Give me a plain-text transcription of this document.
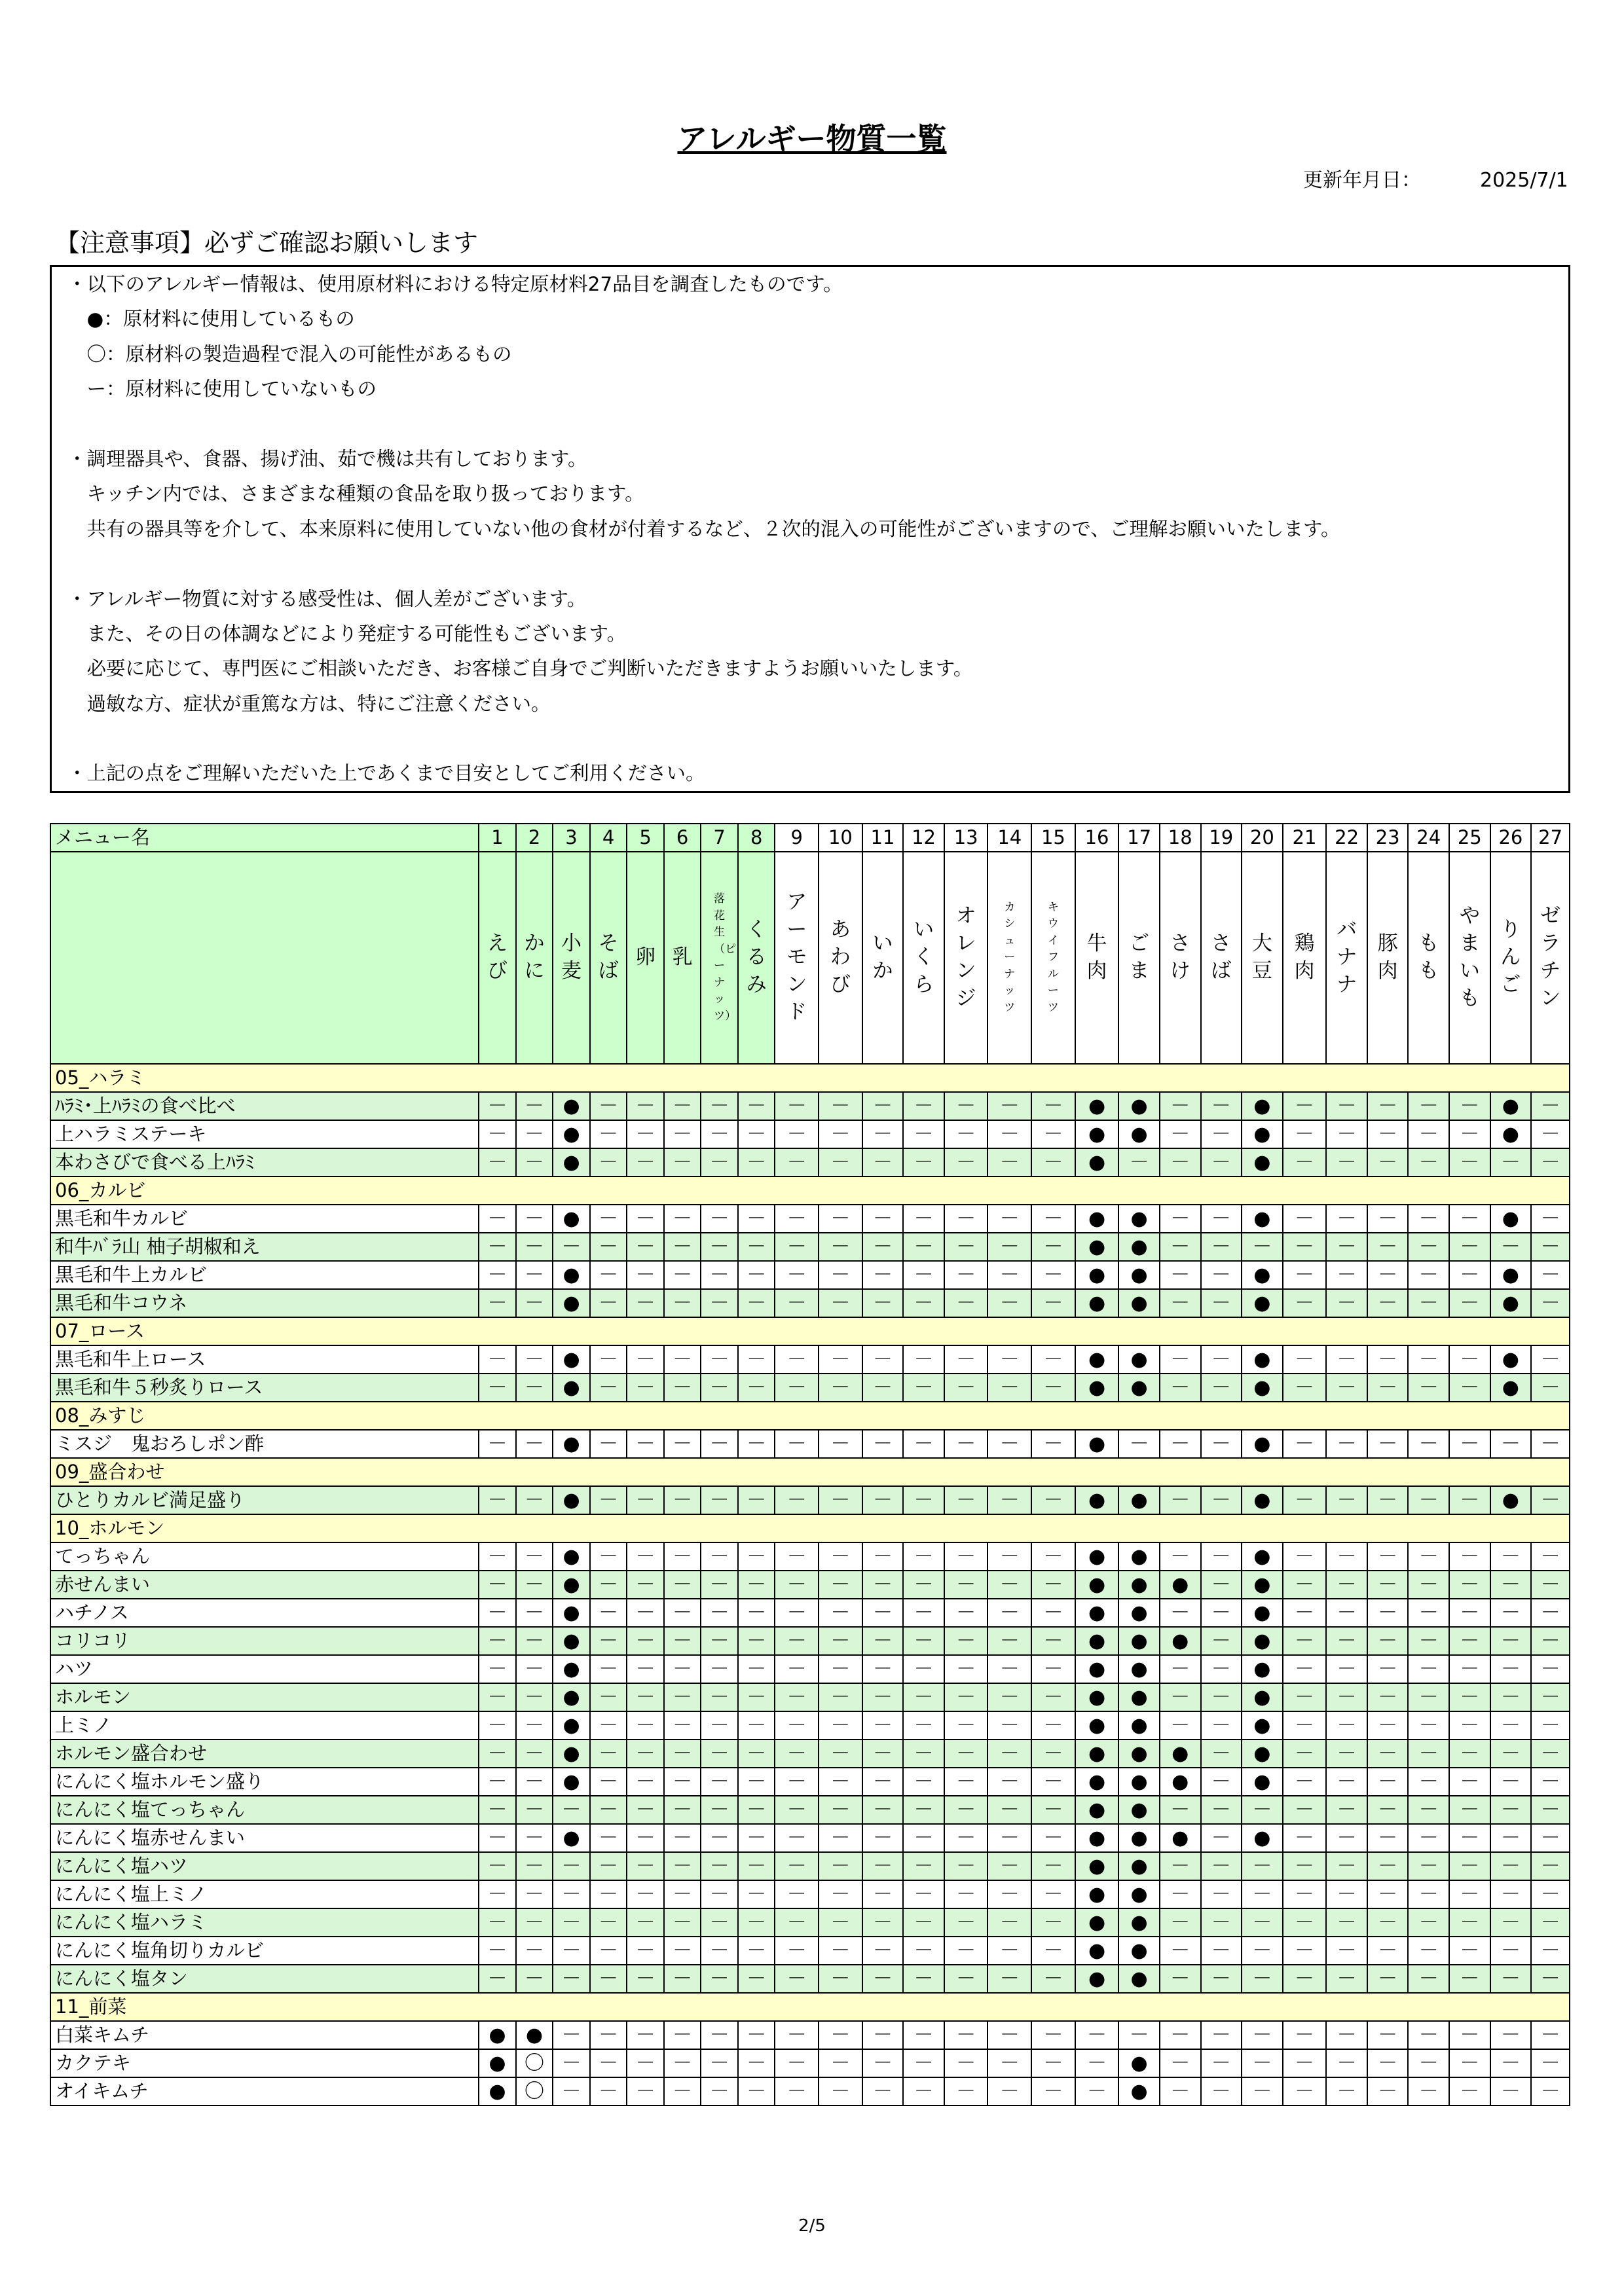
アレルギー物質一覧
更新年月日：	2025/7/1
【注意事項】必ずご確認お願いします
・以下のアレルギー情報は、使用原材料における特定原材料27品目を調査したものです。
　●：原材料に使用しているもの
　〇：原材料の製造過程で混入の可能性があるもの
　ー：原材料に使用していないもの
・調理器具や、食器、揚げ油、茹で機は共有しております。
　キッチン内では、さまざまな種類の食品を取り扱っております。
　共有の器具等を介して、本来原料に使用していない他の食材が付着するなど、２次的混入の可能性がございますので、ご理解お願いいたします。
・アレルギー物質に対する感受性は、個人差がございます。
　また、その日の体調などにより発症する可能性もございます。
　必要に応じて、専門医にご相談いただき、お客様ご自身でご判断いただきますようお願いいたします。
　過敏な方、症状が重篤な方は、特にご注意ください。
・上記の点をご理解いただいた上であくまで目安としてご利用ください。
メニュー名	1	2	3	4	5	6	7	8	9	10	11	12	13	14	15	16	17	18	19	20	21	22	23	24	25	26	27
	えび	かに	小麦	そば	卵	乳	落花生（ピーナッツ）	くるみ	アーモンド	あわび	いか	いくら	オレンジ	カシューナッツ	キウイフルーツ	牛肉	ごま	さけ	さば	大豆	鶏肉	バナナ	豚肉	もも	やまいも	りんご	ゼラチン
05_ハラミ																											
ﾊﾗﾐ･上ﾊﾗﾐの食べ比べ	－	－	●	－	－	－	－	－	－	－	－	－	－	－	－	●	●	－	－	●	－	－	－	－	－	●	－
上ハラミステーキ	－	－	●	－	－	－	－	－	－	－	－	－	－	－	－	●	●	－	－	●	－	－	－	－	－	●	－
本わさびで食べる上ﾊﾗﾐ	－	－	●	－	－	－	－	－	－	－	－	－	－	－	－	●	－	－	－	●	－	－	－	－	－	－	－
06_カルビ																											
黒毛和牛カルビ	－	－	●	－	－	－	－	－	－	－	－	－	－	－	－	●	●	－	－	●	－	－	－	－	－	●	－
和牛ﾊﾞﾗ山 柚子胡椒和え	－	－	－	－	－	－	－	－	－	－	－	－	－	－	－	●	●	－	－	－	－	－	－	－	－	－	－
黒毛和牛上カルビ	－	－	●	－	－	－	－	－	－	－	－	－	－	－	－	●	●	－	－	●	－	－	－	－	－	●	－
黒毛和牛コウネ	－	－	●	－	－	－	－	－	－	－	－	－	－	－	－	●	●	－	－	●	－	－	－	－	－	●	－
07_ロース																											
黒毛和牛上ロース	－	－	●	－	－	－	－	－	－	－	－	－	－	－	－	●	●	－	－	●	－	－	－	－	－	●	－
黒毛和牛５秒炙りロース	－	－	●	－	－	－	－	－	－	－	－	－	－	－	－	●	●	－	－	●	－	－	－	－	－	●	－
08_みすじ																											
ミスジ　鬼おろしポン酢	－	－	●	－	－	－	－	－	－	－	－	－	－	－	－	●	－	－	－	●	－	－	－	－	－	－	－
09_盛合わせ																											
ひとりカルビ満足盛り	－	－	●	－	－	－	－	－	－	－	－	－	－	－	－	●	●	－	－	●	－	－	－	－	－	●	－
10_ホルモン																											
てっちゃん	－	－	●	－	－	－	－	－	－	－	－	－	－	－	－	●	●	－	－	●	－	－	－	－	－	－	－
赤せんまい	－	－	●	－	－	－	－	－	－	－	－	－	－	－	－	●	●	●	－	●	－	－	－	－	－	－	－
ハチノス	－	－	●	－	－	－	－	－	－	－	－	－	－	－	－	●	●	－	－	●	－	－	－	－	－	－	－
コリコリ	－	－	●	－	－	－	－	－	－	－	－	－	－	－	－	●	●	●	－	●	－	－	－	－	－	－	－
ハツ	－	－	●	－	－	－	－	－	－	－	－	－	－	－	－	●	●	－	－	●	－	－	－	－	－	－	－
ホルモン	－	－	●	－	－	－	－	－	－	－	－	－	－	－	－	●	●	－	－	●	－	－	－	－	－	－	－
上ミノ	－	－	●	－	－	－	－	－	－	－	－	－	－	－	－	●	●	－	－	●	－	－	－	－	－	－	－
ホルモン盛合わせ	－	－	●	－	－	－	－	－	－	－	－	－	－	－	－	●	●	●	－	●	－	－	－	－	－	－	－
にんにく塩ホルモン盛り	－	－	●	－	－	－	－	－	－	－	－	－	－	－	－	●	●	●	－	●	－	－	－	－	－	－	－
にんにく塩てっちゃん	－	－	－	－	－	－	－	－	－	－	－	－	－	－	－	●	●	－	－	－	－	－	－	－	－	－	－
にんにく塩赤せんまい	－	－	●	－	－	－	－	－	－	－	－	－	－	－	－	●	●	●	－	●	－	－	－	－	－	－	－
にんにく塩ハツ	－	－	－	－	－	－	－	－	－	－	－	－	－	－	－	●	●	－	－	－	－	－	－	－	－	－	－
にんにく塩上ミノ	－	－	－	－	－	－	－	－	－	－	－	－	－	－	－	●	●	－	－	－	－	－	－	－	－	－	－
にんにく塩ハラミ	－	－	－	－	－	－	－	－	－	－	－	－	－	－	－	●	●	－	－	－	－	－	－	－	－	－	－
にんにく塩角切りカルビ	－	－	－	－	－	－	－	－	－	－	－	－	－	－	－	●	●	－	－	－	－	－	－	－	－	－	－
にんにく塩タン	－	－	－	－	－	－	－	－	－	－	－	－	－	－	－	●	●	－	－	－	－	－	－	－	－	－	－
11_前菜																											
白菜キムチ	●	●	－	－	－	－	－	－	－	－	－	－	－	－	－	－	－	－	－	－	－	－	－	－	－	－	－
カクテキ	●	〇	－	－	－	－	－	－	－	－	－	－	－	－	－	－	●	－	－	－	－	－	－	－	－	－	－
オイキムチ	●	〇	－	－	－	－	－	－	－	－	－	－	－	－	－	－	●	－	－	－	－	－	－	－	－	－	－
2/5
